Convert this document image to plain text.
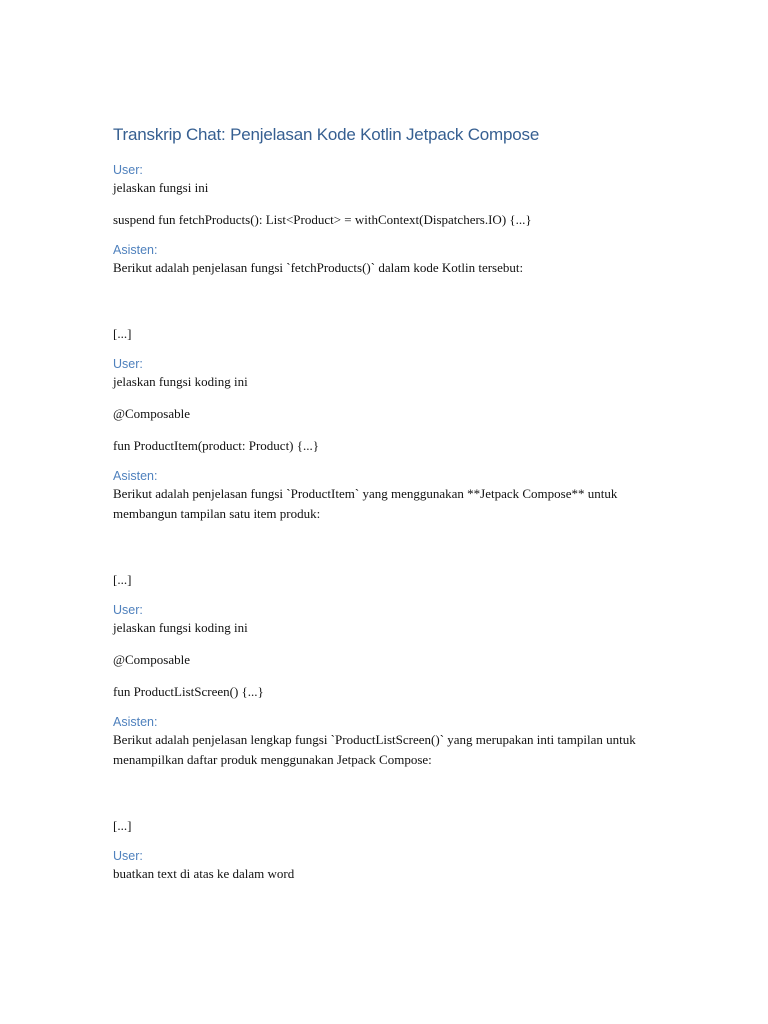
Transkrip Chat: Penjelasan Kode Kotlin Jetpack Compose

User:

jelaskan fungsi ini

suspend fun fetchProducts(): List<Product> = withContext(Dispatchers.IO) {...}

Asisten:

Berikut adalah penjelasan fungsi `fetchProducts()` dalam kode Kotlin tersebut:

[...]

User:

jelaskan fungsi koding ini

@Composable

fun ProductItem(product: Product) {...}

Asisten:

Berikut adalah penjelasan fungsi `ProductItem` yang menggunakan **Jetpack Compose** untuk membangun tampilan satu item produk:

[...]

User:

jelaskan fungsi koding ini

@Composable

fun ProductListScreen() {...}

Asisten:

Berikut adalah penjelasan lengkap fungsi `ProductListScreen()` yang merupakan inti tampilan untuk menampilkan daftar produk menggunakan Jetpack Compose:

[...]

User:

buatkan text di atas ke dalam word
